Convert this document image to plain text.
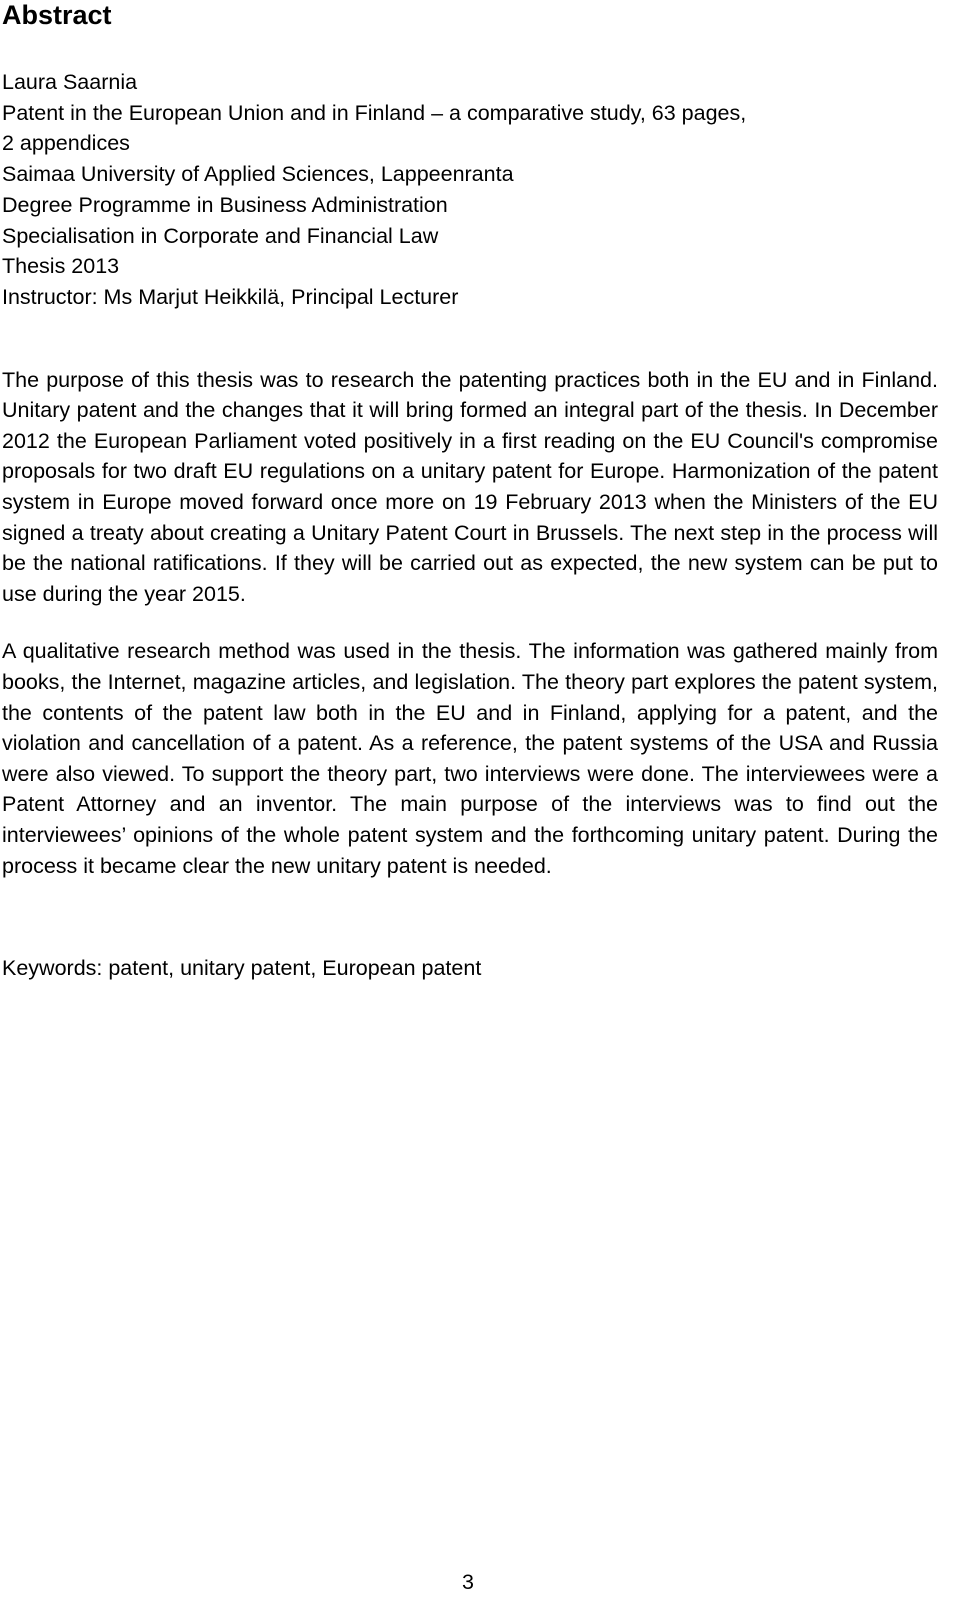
Abstract
Laura Saarnia
Patent in the European Union and in Finland – a comparative study, 63 pages,
2 appendices
Saimaa University of Applied Sciences, Lappeenranta
Degree Programme in Business Administration
Specialisation in Corporate and Financial Law
Thesis 2013
Instructor: Ms Marjut Heikkilä, Principal Lecturer

The purpose of this thesis was to research the patenting practices both in the EU and in Finland. Unitary patent and the changes that it will bring formed an integral part of the thesis. In December 2012 the European Parliament voted positively in a first reading on the EU Council's compromise proposals for two draft EU regulations on a unitary patent for Europe. Harmonization of the patent system in Europe moved forward once more on 19 February 2013 when the Ministers of the EU signed a treaty about creating a Unitary Patent Court in Brussels. The next step in the process will be the national ratifications. If they will be carried out as expected, the new system can be put to use during the year 2015.

A qualitative research method was used in the thesis. The information was gathered mainly from books, the Internet, magazine articles, and legislation. The theory part explores the patent system, the contents of the patent law both in the EU and in Finland, applying for a patent, and the violation and cancellation of a patent. As a reference, the patent systems of the USA and Russia were also viewed. To support the theory part, two interviews were done. The interviewees were a Patent Attorney and an inventor. The main purpose of the interviews was to find out the interviewees’ opinions of the whole patent system and the forthcoming unitary patent. During the process it became clear the new unitary patent is needed.

Keywords: patent, unitary patent, European patent
3
